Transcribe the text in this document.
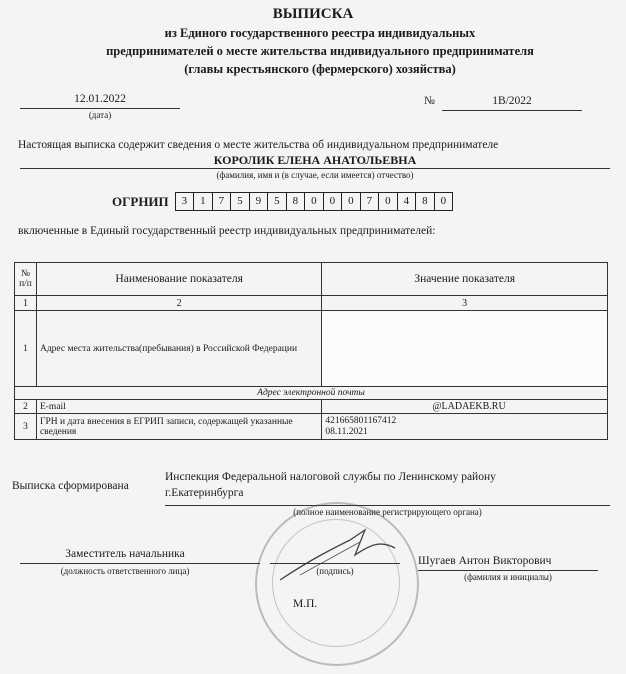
ВЫПИСКА
из Единого государственного реестра индивидуальных
предпринимателей о месте жительства индивидуального предпринимателя
(главы крестьянского (фермерского) хозяйства)
12.01.2022
(дата)
№	1В/2022
Настоящая выписка содержит сведения о месте жительства об индивидуальном предпринимателе
КОРОЛИК ЕЛЕНА АНАТОЛЬЕВНА
(фамилия, имя и (в случае, если имеется) отчество)
ОГРНИП	3	1	7	5	9	5	8	0	0	0	7	0	4	8	0
включенные в Единый государственный реестр индивидуальных предпринимателей:
№ п/п	Наименование показателя	Значение показателя
1	2	3
1	Адрес места жительства(пребывания) в Российской Федерации	
Адрес электронной почты		
2	E-mail	@LADAEKB.RU
3	ГРН и дата внесения в ЕГРИП записи, содержащей указанные сведения	421665801167412
08.11.2021
Выписка сформирована
Инспекция Федеральной налоговой службы по Ленинскому району
г.Екатеринбурга
(полное наименование регистрирующего органа)
Заместитель начальника
(должность ответственного лица)	(подпись)
Шугаев Антон Викторович
(фамилия и инициалы)
М.П.
